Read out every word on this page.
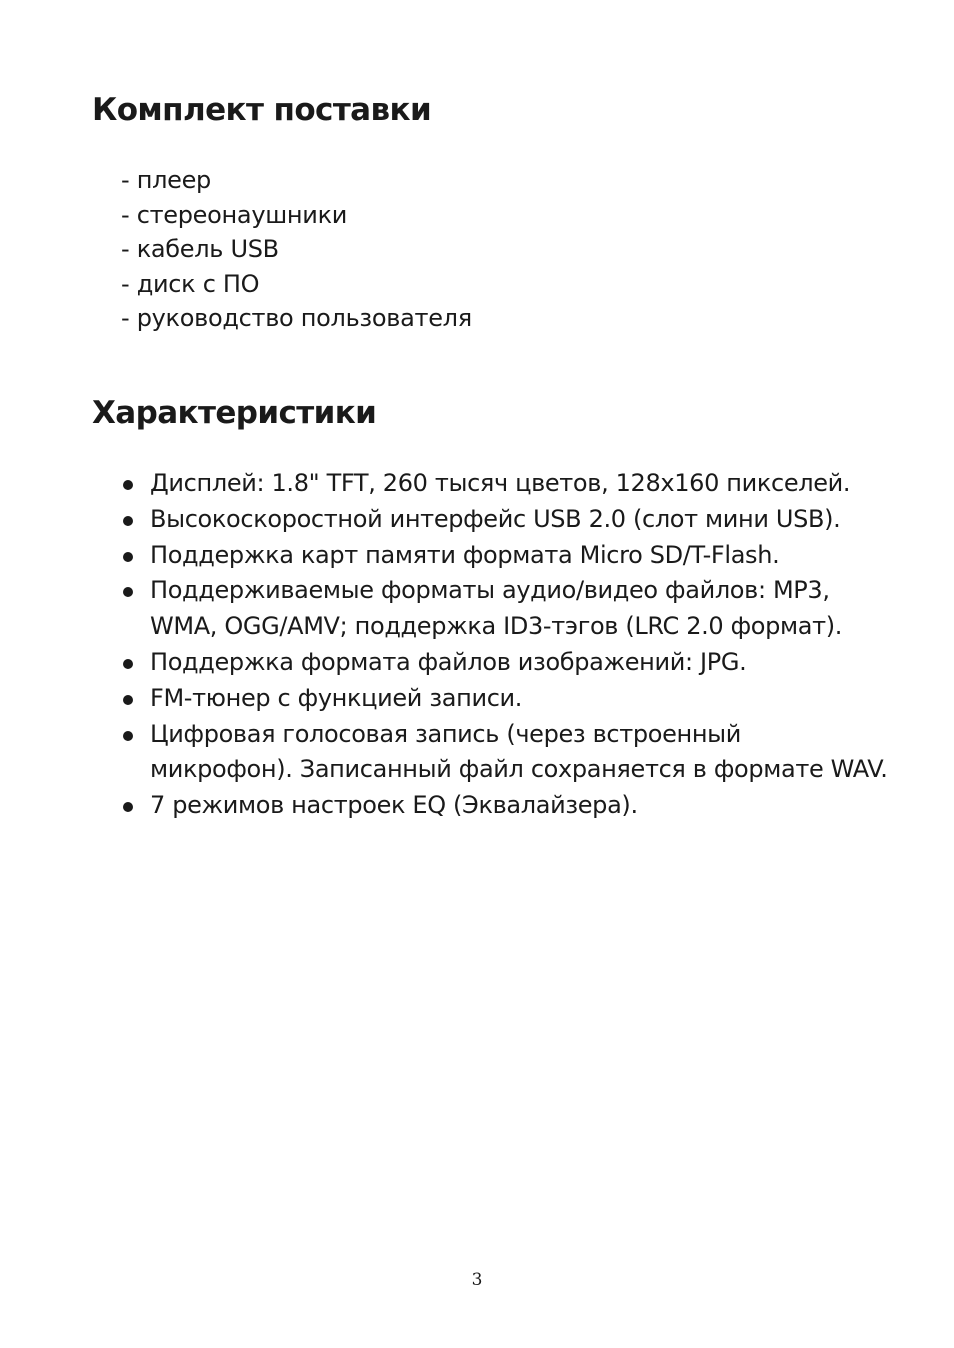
Комплект поставки
- плеер
- стереонаушники
- кабель USB
- диск с ПО
- руководство пользователя
Характеристики
Дисплей: 1.8" TFT, 260 тысяч цветов, 128x160 пикселей.
Высокоскоростной интерфейс USB 2.0 (слот мини USB).
Поддержка карт памяти формата Micro SD/T-Flash.
Поддерживаемые форматы аудио/видео файлов: MP3,
WMA, OGG/AMV; поддержка ID3-тэгов (LRC 2.0 формат).
Поддержка формата файлов изображений: JPG.
FM-тюнер с функцией записи.
Цифровая голосовая запись (через встроенный
микрофон). Записанный файл сохраняется в формате WAV.
7 режимов настроек EQ (Эквалайзера).
3
